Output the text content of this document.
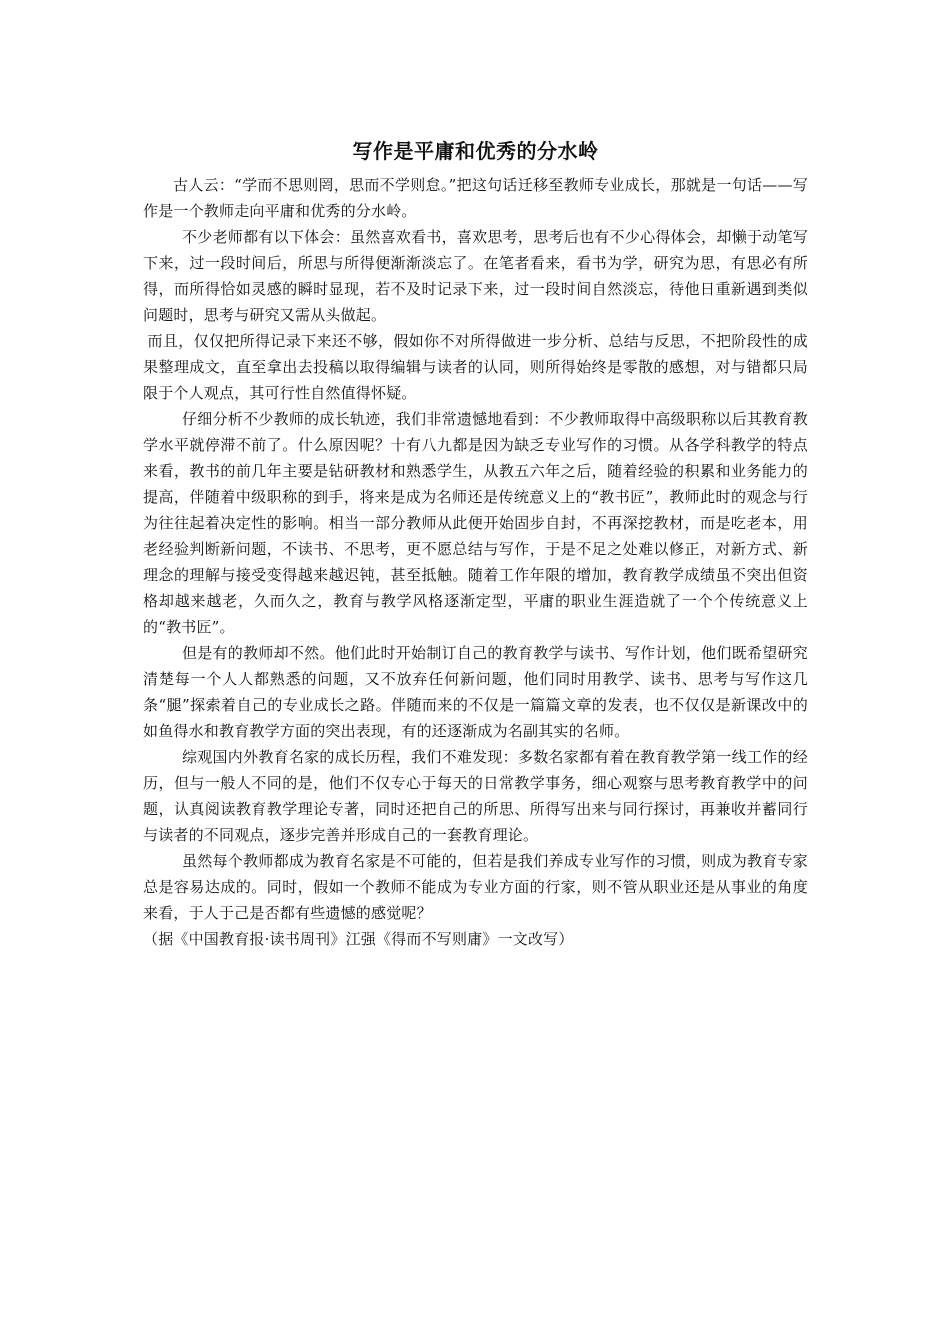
写作是平庸和优秀的分水岭

古人云：“学而不思则罔，思而不学则怠。”把这句话迁移至教师专业成长，那就是一句话——写作是一个教师走向平庸和优秀的分水岭。

不少老师都有以下体会：虽然喜欢看书，喜欢思考，思考后也有不少心得体会，却懒于动笔写下来，过一段时间后，所思与所得便渐渐淡忘了。在笔者看来，看书为学，研究为思，有思必有所得，而所得恰如灵感的瞬时显现，若不及时记录下来，过一段时间自然淡忘，待他日重新遇到类似问题时，思考与研究又需从头做起。

而且，仅仅把所得记录下来还不够，假如你不对所得做进一步分析、总结与反思，不把阶段性的成果整理成文，直至拿出去投稿以取得编辑与读者的认同，则所得始终是零散的感想，对与错都只局限于个人观点，其可行性自然值得怀疑。

仔细分析不少教师的成长轨迹，我们非常遗憾地看到：不少教师取得中高级职称以后其教育教学水平就停滞不前了。什么原因呢？十有八九都是因为缺乏专业写作的习惯。从各学科教学的特点来看，教书的前几年主要是钻研教材和熟悉学生，从教五六年之后，随着经验的积累和业务能力的提高，伴随着中级职称的到手，将来是成为名师还是传统意义上的“教书匠”，教师此时的观念与行为往往起着决定性的影响。相当一部分教师从此便开始固步自封，不再深挖教材，而是吃老本，用老经验判断新问题，不读书、不思考，更不愿总结与写作，于是不足之处难以修正，对新方式、新理念的理解与接受变得越来越迟钝，甚至抵触。随着工作年限的增加，教育教学成绩虽不突出但资格却越来越老，久而久之，教育与教学风格逐渐定型，平庸的职业生涯造就了一个个传统意义上的“教书匠”。

但是有的教师却不然。他们此时开始制订自己的教育教学与读书、写作计划，他们既希望研究清楚每一个人人都熟悉的问题，又不放弃任何新问题，他们同时用教学、读书、思考与写作这几条“腿”探索着自己的专业成长之路。伴随而来的不仅是一篇篇文章的发表，也不仅仅是新课改中的如鱼得水和教育教学方面的突出表现，有的还逐渐成为名副其实的名师。

综观国内外教育名家的成长历程，我们不难发现：多数名家都有着在教育教学第一线工作的经历，但与一般人不同的是，他们不仅专心于每天的日常教学事务，细心观察与思考教育教学中的问题，认真阅读教育教学理论专著，同时还把自己的所思、所得写出来与同行探讨，再兼收并蓄同行与读者的不同观点，逐步完善并形成自己的一套教育理论。

虽然每个教师都成为教育名家是不可能的，但若是我们养成专业写作的习惯，则成为教育专家总是容易达成的。同时，假如一个教师不能成为专业方面的行家，则不管从职业还是从事业的角度来看，于人于己是否都有些遗憾的感觉呢？

（据《中国教育报·读书周刊》江强《得而不写则庸》一文改写）
